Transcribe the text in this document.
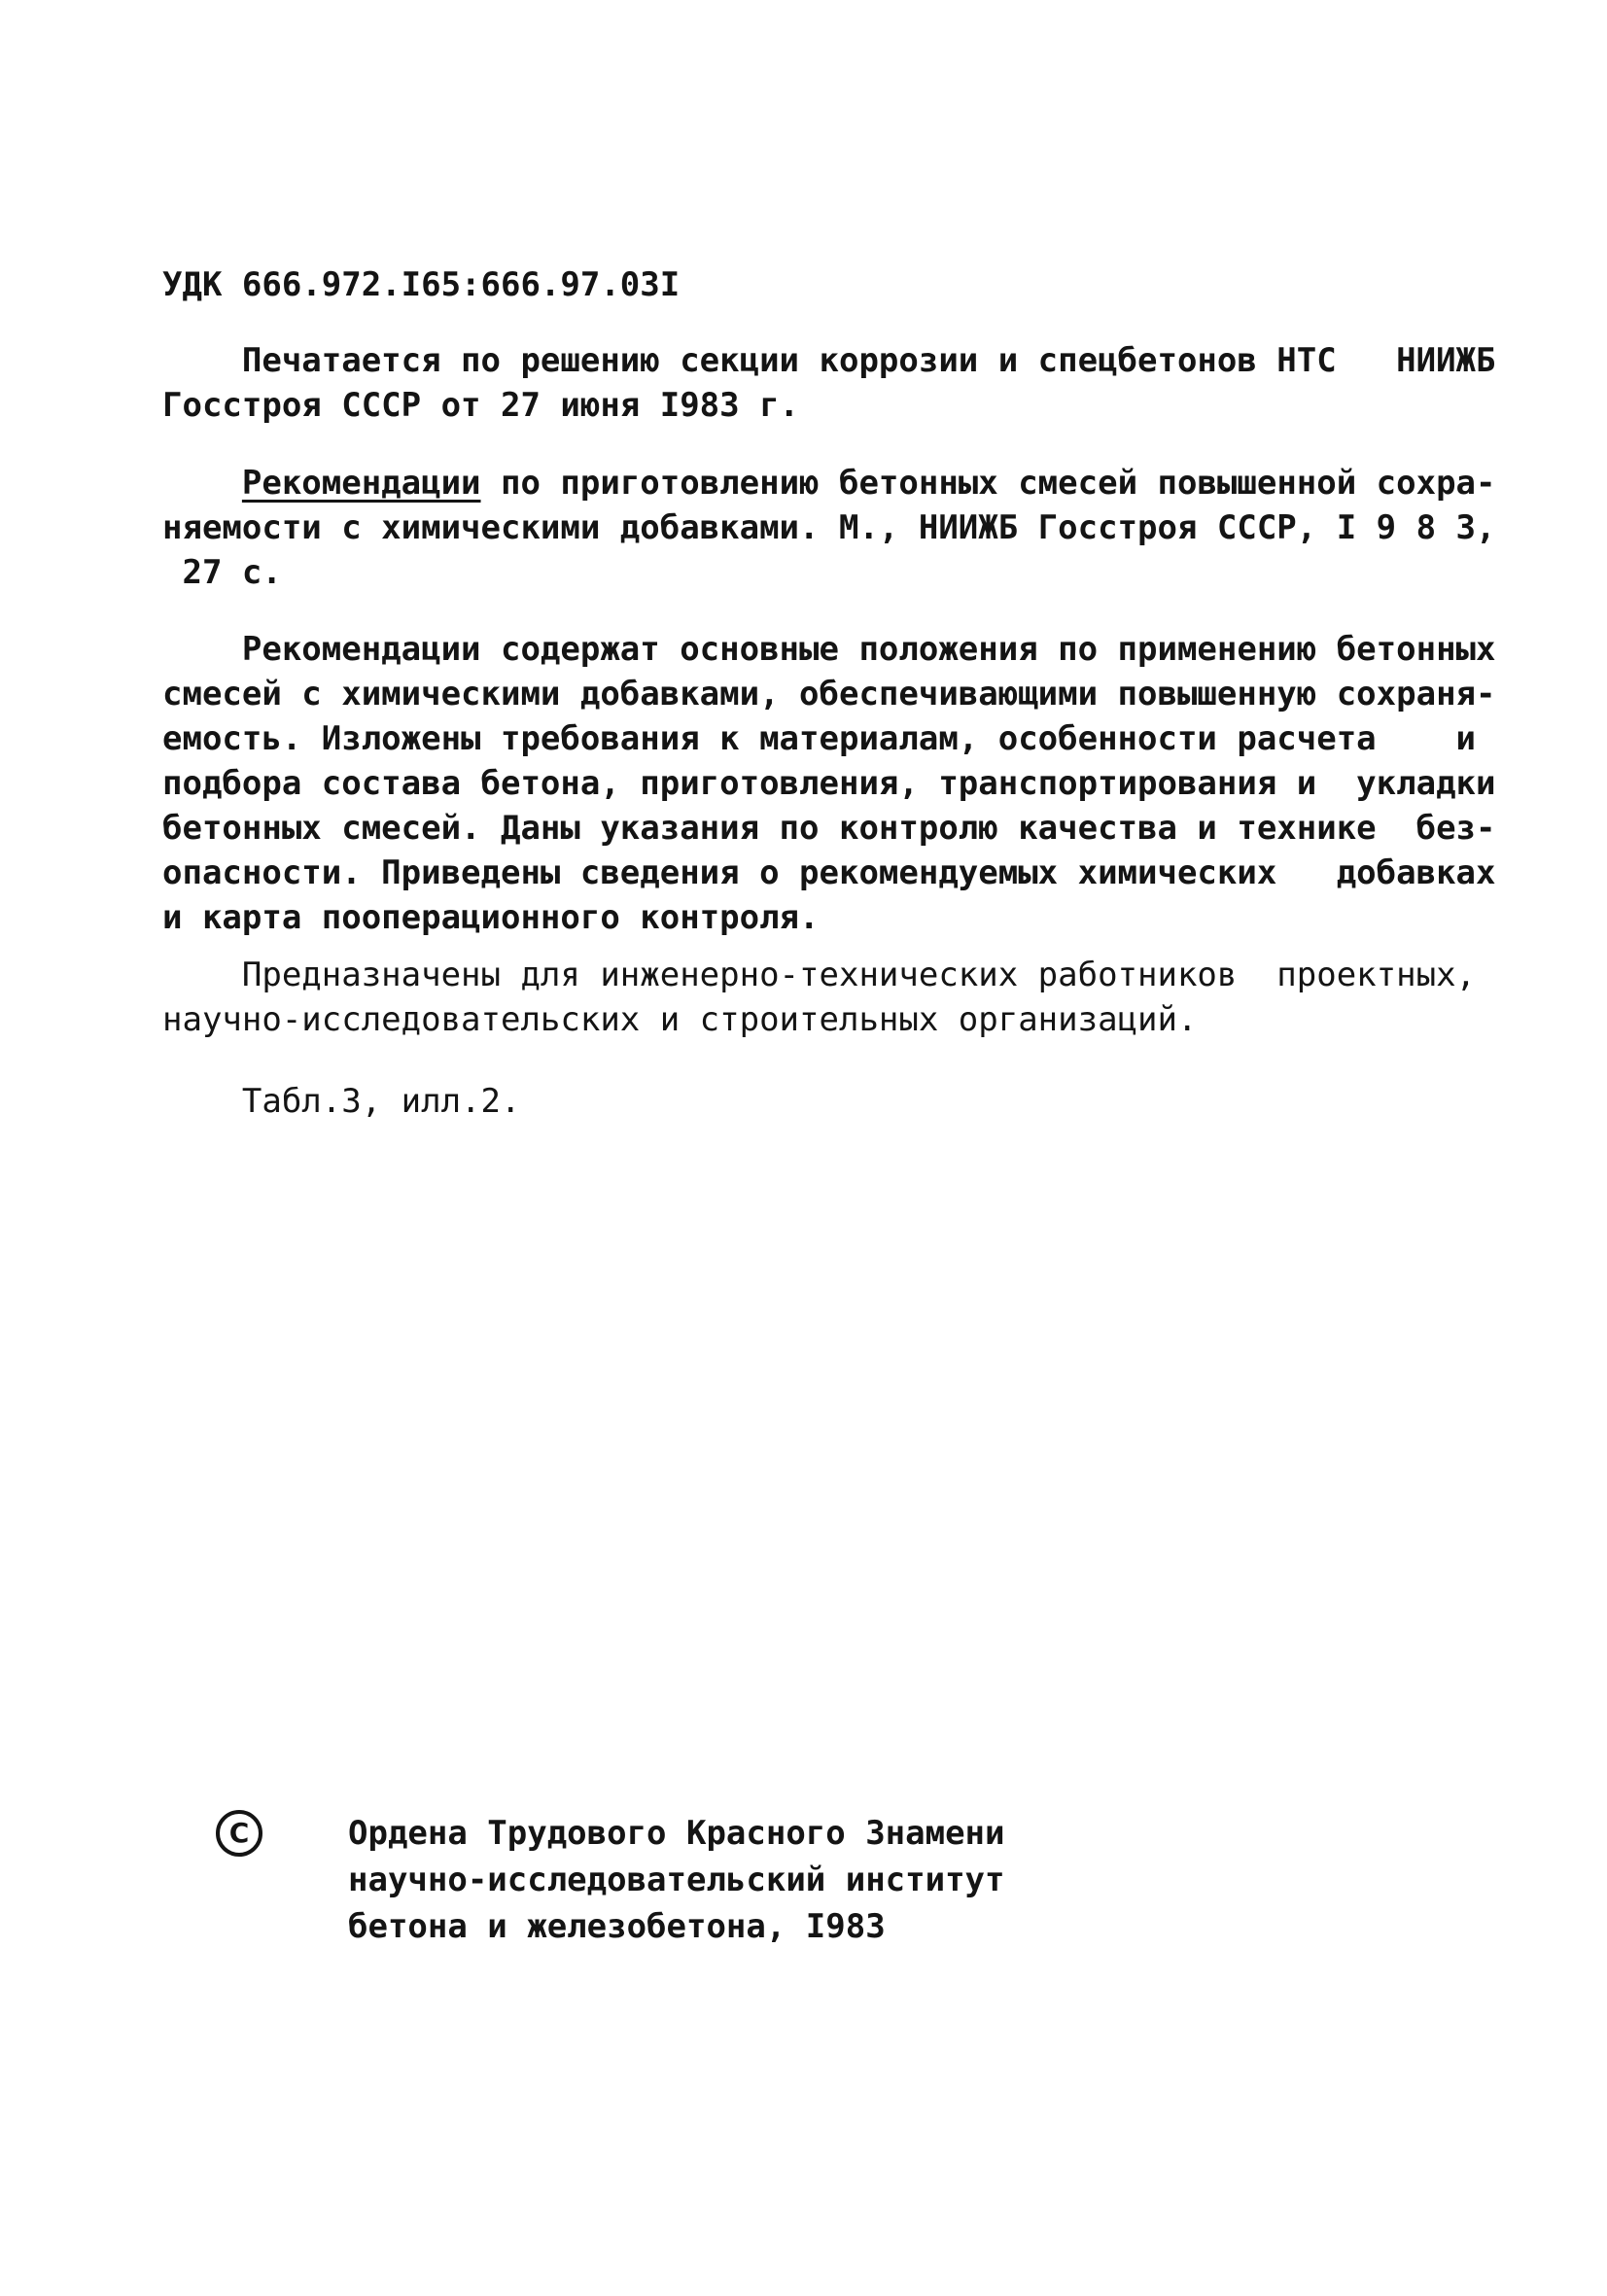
УДК 666.972.I65:666.97.03I
Печатается по решению секции коррозии и спецбетонов НТС   НИИЖБ
Госстроя СССР от 27 июня I983 г.
Рекомендации по приготовлению бетонных смесей повышенной сохра-
няемости с химическими добавками. М., НИИЖБ Госстроя СССР, I 9 8 3,
27 с.
Рекомендации содержат основные положения по применению бетонных
смесей с химическими добавками, обеспечивающими повышенную сохраня-
емость. Изложены требования к материалам, особенности расчета    и
подбора состава бетона, приготовления, транспортирования и  укладки
бетонных смесей. Даны указания по контролю качества и технике  без-
опасности. Приведены сведения о рекомендуемых химических   добавках
и карта пооперационного контроля.
Предназначены для инженерно-технических работников  проектных,
научно-исследовательских и строительных организаций.
Табл.3, илл.2.
C	Ордена Трудового Красного Знамени
научно-исследовательский институт
бетона и железобетона, I983
